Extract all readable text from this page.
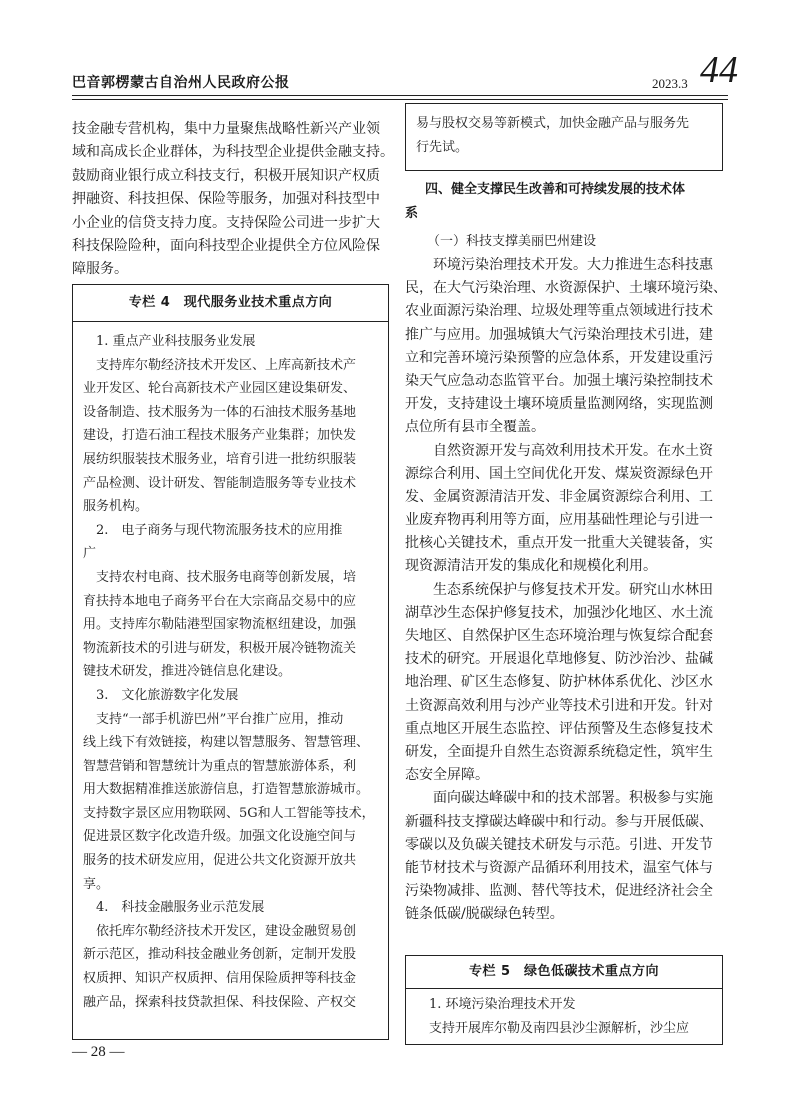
巴音郭楞蒙古自治州人民政府公报	2023.3 44
技金融专营机构，集中力量聚焦战略性新兴产业领
域和高成长企业群体，为科技型企业提供金融支持。
鼓励商业银行成立科技支行，积极开展知识产权质
押融资、科技担保、保险等服务，加强对科技型中
小企业的信贷支持力度。支持保险公司进一步扩大
科技保险险种，面向科技型企业提供全方位风险保
障服务。
专栏 4　现代服务业技术重点方向
　1. 重点产业科技服务业发展
　支持库尔勒经济技术开发区、上库高新技术产
业开发区、轮台高新技术产业园区建设集研发、
设备制造、技术服务为一体的石油技术服务基地
建设，打造石油工程技术服务产业集群；加快发
展纺织服装技术服务业，培育引进一批纺织服装
产品检测、设计研发、智能制造服务等专业技术
服务机构。
　2.　电子商务与现代物流服务技术的应用推
广
　支持农村电商、技术服务电商等创新发展，培
育扶持本地电子商务平台在大宗商品交易中的应
用。支持库尔勒陆港型国家物流枢纽建设，加强
物流新技术的引进与研发，积极开展冷链物流关
键技术研发，推进冷链信息化建设。
　3.　文化旅游数字化发展
　支持“一部手机游巴州”平台推广应用，推动
线上线下有效链接，构建以智慧服务、智慧管理、
智慧营销和智慧统计为重点的智慧旅游体系，利
用大数据精准推送旅游信息，打造智慧旅游城市。
支持数字景区应用物联网、5G和人工智能等技术，
促进景区数字化改造升级。加强文化设施空间与
服务的技术研发应用，促进公共文化资源开放共
享。
　4.　科技金融服务业示范发展
　依托库尔勒经济技术开发区，建设金融贸易创
新示范区，推动科技金融业务创新，定制开发股
权质押、知识产权质押、信用保险质押等科技金
融产品，探索科技贷款担保、科技保险、产权交
易与股权交易等新模式，加快金融产品与服务先
行先试。
四、健全支撑民生改善和可持续发展的技术体
系
（一）科技支撑美丽巴州建设
　　环境污染治理技术开发。大力推进生态科技惠
民，在大气污染治理、水资源保护、土壤环境污染、
农业面源污染治理、垃圾处理等重点领域进行技术
推广与应用。加强城镇大气污染治理技术引进，建
立和完善环境污染预警的应急体系，开发建设重污
染天气应急动态监管平台。加强土壤污染控制技术
开发，支持建设土壤环境质量监测网络，实现监测
点位所有县市全覆盖。
　　自然资源开发与高效利用技术开发。在水土资
源综合利用、国土空间优化开发、煤炭资源绿色开
发、金属资源清洁开发、非金属资源综合利用、工
业废弃物再利用等方面，应用基础性理论与引进一
批核心关键技术，重点开发一批重大关键装备，实
现资源清洁开发的集成化和规模化利用。
　　生态系统保护与修复技术开发。研究山水林田
湖草沙生态保护修复技术，加强沙化地区、水土流
失地区、自然保护区生态环境治理与恢复综合配套
技术的研究。开展退化草地修复、防沙治沙、盐碱
地治理、矿区生态修复、防护林体系优化、沙区水
土资源高效利用与沙产业等技术引进和开发。针对
重点地区开展生态监控、评估预警及生态修复技术
研发，全面提升自然生态资源系统稳定性，筑牢生
态安全屏障。
　　面向碳达峰碳中和的技术部署。积极参与实施
新疆科技支撑碳达峰碳中和行动。参与开展低碳、
零碳以及负碳关键技术研发与示范。引进、开发节
能节材技术与资源产品循环利用技术，温室气体与
污染物减排、监测、替代等技术，促进经济社会全
链条低碳/脱碳绿色转型。
专栏 5　绿色低碳技术重点方向
　1. 环境污染治理技术开发
　支持开展库尔勒及南四县沙尘源解析，沙尘应
— 28 —
